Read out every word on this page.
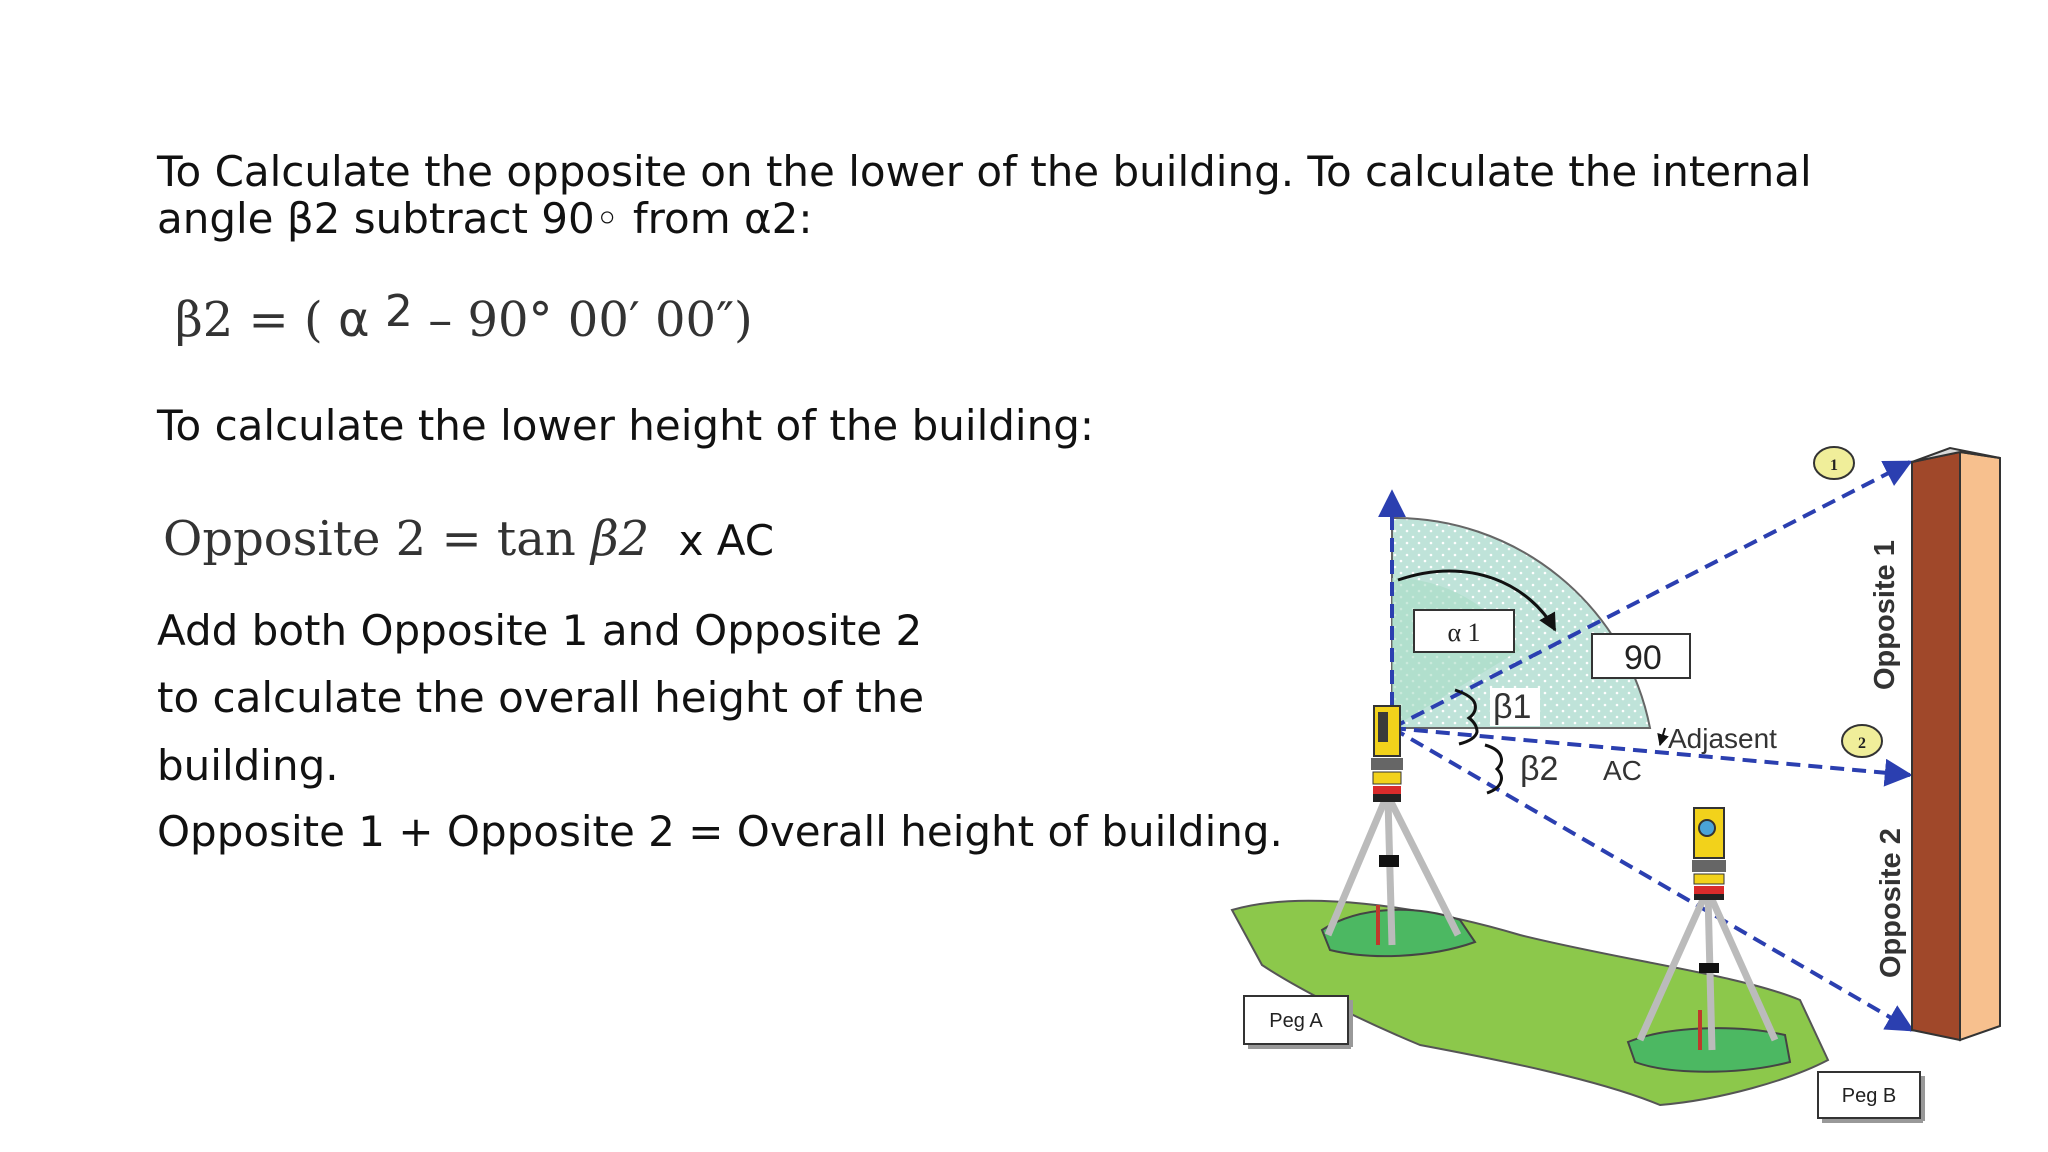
To Calculate the opposite on the lower of the building. To calculate the internal
angle β2 subtract 90◦ from α2:
β2 = ( α 2 – 90° 00′ 00″)
To calculate the lower height of the building:
Opposite 2 = tan β2 x AC
Add both Opposite 1 and Opposite 2
to calculate the overall height of the
building.
Opposite 1 + Opposite 2 = Overall height of building.
α 1
90
β1
β2 AC
Adjasent
1
2
Opposite 1
Opposite 2
Peg A
Peg B
